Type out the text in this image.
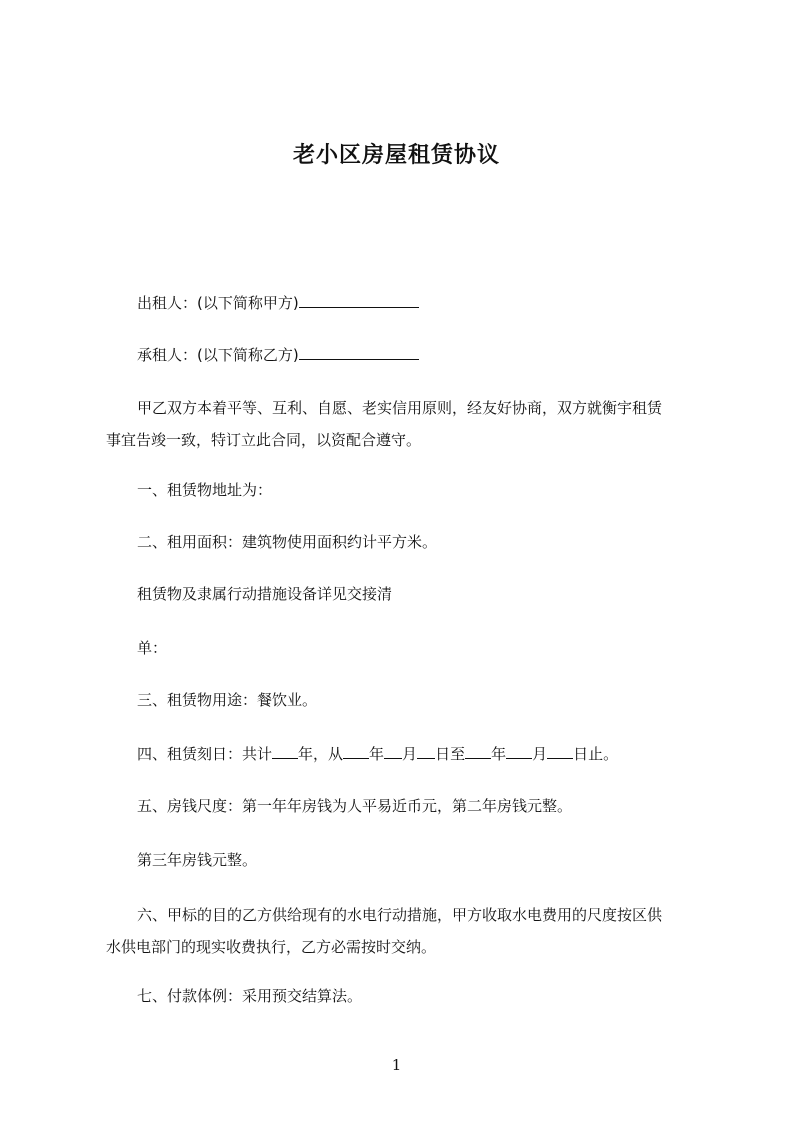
老小区房屋租赁协议
出租人：(以下简称甲方)
承租人：(以下简称乙方)
甲乙双方本着平等、互利、自愿、老实信用原则，经友好协商，双方就衡宇租赁
事宜告竣一致，特订立此合同，以资配合遵守。
一、租赁物地址为：
二、租用面积：建筑物使用面积约计平方米。
租赁物及隶属行动措施设备详见交接清
单：
三、租赁物用途：餐饮业。
四、租赁刻日：共计 年，从 年 月 日至 年 月 日止。
五、房钱尺度：第一年年房钱为人平易近币元，第二年房钱元整。
第三年房钱元整。
六、甲标的目的乙方供给现有的水电行动措施，甲方收取水电费用的尺度按区供
水供电部门的现实收费执行，乙方必需按时交纳。
七、付款体例：采用预交结算法。
1
